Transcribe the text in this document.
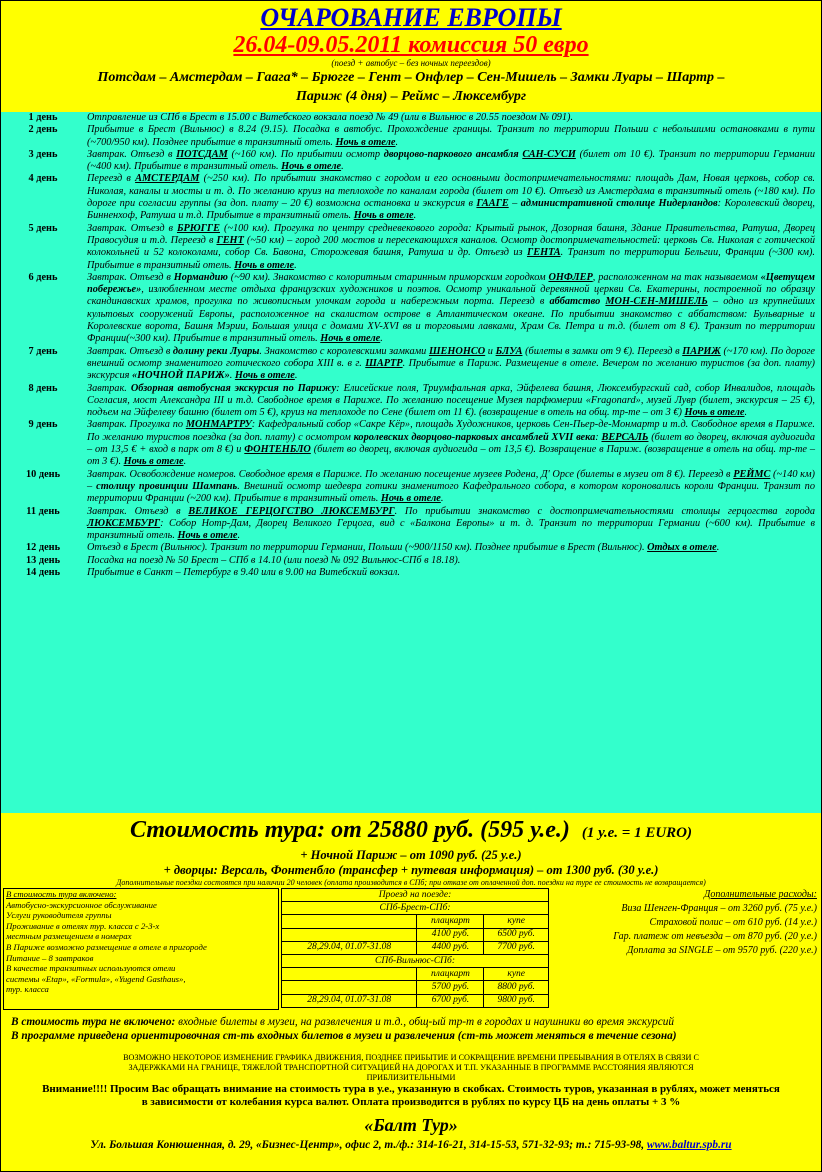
ОЧАРОВАНИЕ ЕВРОПЫ
26.04-09.05.2011 комиссия 50 евро
(поезд + автобус – без ночных переездов)
Потсдам – Амстердам – Гаага* – Брюгге – Гент – Онфлер – Сен-Мишель – Замки Луары – Шартр –
Париж (4 дня) – Реймс – Люксембург
1 день	Отправление из СПб в Брест в 15.00 с Витебского вокзала поезд № 49 (или в Вильнюс в 20.55 поездом № 091).
2 день	Прибытие в Брест (Вильнюс) в 8.24 (9.15). Посадка в автобус. Прохождение границы. Транзит по территории Польши с небольшими остановками в пути (~700/950 км). Позднее прибытие в транзитный отель. Ночь в отеле.
3 день	Завтрак. Отъезд в ПОТСДАМ (~160 км). По прибытии осмотр дворцово-паркового ансамбля САН-СУСИ (билет от 10 €). Транзит по территории Германии (~400 км). Прибытие в транзитный отель. Ночь в отеле.
4 день	Переезд в АМСТЕРДАМ (~250 км). По прибытии знакомство с городом и его основными достопримечательностями: площадь Дам, Новая церковь, собор св. Николая, каналы и мосты и т. д. По желанию круиз на теплоходе по каналам города (билет от 10 €). Отъезд из Амстердама в транзитный отель (~180 км). По дороге при согласии группы (за доп. плату – 20 €) возможна остановка и экскурсия в ГААГЕ – административной столице Нидерландов: Королевский дворец, Бинненхоф, Ратуша и т.д. Прибытие в транзитный отель. Ночь в отеле.
5 день	Завтрак. Отъезд в БРЮГГЕ (~100 км). Прогулка по центру средневекового города: Крытый рынок, Дозорная башня, Здание Правительства, Ратуша, Дворец Правосудия и т.д. Переезд в ГЕНТ (~50 км) – город 200 мостов и пересекающихся каналов. Осмотр достопримечательностей: церковь Св. Николая с готической колокольней и 52 колоколами, собор Св. Бавона, Сторожевая башня, Ратуша и др. Отъезд из ГЕНТА. Транзит по территории Бельгии, Франции (~300 км). Прибытие в транзитный отель. Ночь в отеле.
6 день	Завтрак. Отъезд в Нормандию (~90 км). Знакомство с колоритным старинным приморским городком ОНФЛЕР, расположенном на так называемом «Цветущем побережье», излюбленном месте отдыха французских художников и поэтов. Осмотр уникальной деревянной церкви Св. Екатерины, построенной по образцу скандинавских храмов, прогулка по живописным улочкам города и набережным порта. Переезд в аббатство МОН-СЕН-МИШЕЛЬ – одно из крупнейших культовых сооружений Европы, расположенное на скалистом острове в Атлантическом океане. По прибытии знакомство с аббатством: Бульварные и Королевские ворота, Башня Мэрии, Большая улица с домами XV-XVI вв и торговыми лавками, Храм Св. Петра и т.д. (билет от 8 €). Транзит по территории Франции(~300 км). Прибытие в транзитный отель. Ночь в отеле.
7 день	Завтрак. Отъезд в долину реки Луары. Знакомство с королевскими замками ШЕНОНСО и БЛУА (билеты в замки от 9 €). Переезд в ПАРИЖ (~170 км). По дороге внешний осмотр знаменитого готического собора XIII в. в г. ШАРТР. Прибытие в Париж. Размещение в отеле. Вечером по желанию туристов (за доп. плату) экскурсия «НОЧНОЙ ПАРИЖ». Ночь в отеле.
8 день	Завтрак. Обзорная автобусная экскурсия по Парижу: Елисейские поля, Триумфальная арка, Эйфелева башня, Люксембургский сад, собор Инвалидов, площадь Согласия, мост Александра III и т.д. Свободное время в Париже. По желанию посещение Музея парфюмерии «Fragonard», музей Лувр (билет, экскурсия – 25 €), подъем на Эйфелеву башню (билет от 5 €), круиз на теплоходе по Сене (билет от 11 €). (возвращение в отель на общ. тр-те – от 3 €) Ночь в отеле.
9 день	Завтрак. Прогулка по МОНМАРТРУ: Кафедральный собор «Сакре Кёр», площадь Художников, церковь Сен-Пьер-де-Монмартр и т.д. Свободное время в Париже. По желанию туристов поездка (за доп. плату) с осмотром королевских дворцово-парковых ансамблей XVII века: ВЕРСАЛЬ (билет во дворец, включая аудиогида – от 13,5 € + вход в парк от 8 €) и ФОНТЕНБЛО (билет во дворец, включая аудиогида – от 13,5 €). Возвращение в Париж. (возвращение в отель на общ. тр-те – от 3 €). Ночь в отеле.
10 день	Завтрак. Освобождение номеров. Свободное время в Париже. По желанию посещение музеев Родена, Д' Орсе (билеты в музеи от 8 €). Переезд в РЕЙМС (~140 км) – столицу провинции Шампань. Внешний осмотр шедевра готики знаменитого Кафедрального собора, в котором короновались короли Франции. Транзит по территории Франции (~200 км). Прибытие в транзитный отель. Ночь в отеле.
11 день	Завтрак. Отъезд в ВЕЛИКОЕ ГЕРЦОГСТВО ЛЮКСЕМБУРГ. По прибытии знакомство с достопримечательностями столицы герцогства города ЛЮКСЕМБУРГ: Собор Нотр-Дам, Дворец Великого Герцога, вид с «Балкона Европы» и т. д. Транзит по территории Германии (~600 км). Прибытие в транзитный отель. Ночь в отеле.
12 день	Отъезд в Брест (Вильнюс). Транзит по территории Германии, Польши (~900/1150 км). Позднее прибытие в Брест (Вильнюс). Отдых в отеле.
13 день	Посадка на поезд № 50 Брест – СПб в 14.10 (или поезд № 092 Вильнюс-СПб в 18.18).
14 день	Прибытие в Санкт – Петербург в 9.40 или в 9.00 на Витебский вокзал.
Стоимость тура: от 25880 руб. (595 у.е.) (1 у.е. = 1 EURO)
+ Ночной Париж – от 1090 руб. (25 у.е.)
+ дворцы: Версаль, Фонтенбло (трансфер + путевая информация) – от 1300 руб. (30 у.е.)
Дополнительные поездки состоятся при наличии 20 человек (оплата производится в СПб; при отказе от оплаченной доп. поездки на туре ее стоимость не возвращается)
В стоимость тура включено:
Автобусно-экскурсионное обслуживание
Услуги руководителя группы
Проживание в отелях тур. класса с 2-3-х
местным размещением в номерах
В Париже возможно размещение в отеле в пригороде
Питание – 8 завтраков
В качестве транзитных используются отели
системы «Etap», «Formula», «Yugend Gasthaus»,
тур. класса
Проезд на поезде:		
СПб-Брест-СПб:		
	плацкарт	купе
	4100 руб.	6500 руб.
28,29.04, 01.07-31.08	4400 руб.	7700 руб.
СПб-Вильнюс-СПб:		
	плацкарт	купе
	5700 руб.	8800 руб.
28,29.04, 01.07-31.08	6700 руб.	9800 руб.
Дополнительные расходы:
Виза Шенген-Франция – от 3260 руб. (75 у.е.)
Страховой полис – от 610 руб. (14 у.е.)
Гар. платеж от невъезда – от 870 руб. (20 у.е.)
Доплата за SINGLE – от 9570 руб. (220 у.е.)
В стоимость тура не включено: входные билеты в музеи, на развлечения и т.д., общ-ый тр-т в городах и наушники во время экскурсий
В программе приведена ориентировочная ст-ть входных билетов в музеи и развлечения (ст-ть может меняться в течение сезона)
ВОЗМОЖНО НЕКОТОРОЕ ИЗМЕНЕНИЕ ГРАФИКА ДВИЖЕНИЯ, ПОЗДНЕЕ ПРИБЫТИЕ И СОКРАЩЕНИЕ ВРЕМЕНИ ПРЕБЫВАНИЯ В ОТЕЛЯХ В СВЯЗИ С
ЗАДЕРЖКАМИ НА ГРАНИЦЕ, ТЯЖЕЛОЙ ТРАНСПОРТНОЙ СИТУАЦИЕЙ НА ДОРОГАХ И Т.П. УКАЗАННЫЕ В ПРОГРАММЕ РАССТОЯНИЯ ЯВЛЯЮТСЯ
ПРИБЛИЗИТЕЛЬНЫМИ
Внимание!!!! Просим Вас обращать внимание на стоимость тура в у.е., указанную в скобках. Стоимость туров, указанная в рублях, может меняться
в зависимости от колебания курса валют. Оплата производится в рублях по курсу ЦБ на день оплаты + 3 %
«Балт Тур»
Ул. Большая Конюшенная, д. 29, «Бизнес-Центр», офис 2, т./ф.: 314-16-21, 314-15-53, 571-32-93; т.: 715-93-98, www.baltur.spb.ru
